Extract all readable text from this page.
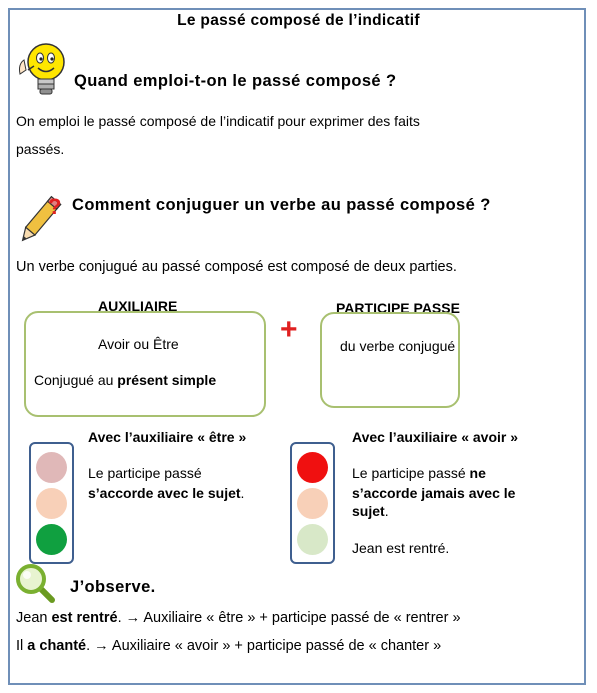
Le passé composé de l’indicatif
Quand emploi-t-on le passé composé ?
On emploi le passé composé de l’indicatif pour exprimer des faits
passés.
? Comment conjuguer un verbe au passé composé ?
Un verbe conjugué au passé composé est composé de deux parties.
AUXILIAIRE
Avoir ou Être
Conjugué au présent simple
+
PARTICIPE PASSE
du verbe conjugué
Avec l’auxiliaire « être »
Le participe passé
s’accorde avec le sujet.
Avec l’auxiliaire « avoir »
Le participe passé ne
s’accorde jamais avec le
sujet.
Jean est rentré.
J’observe.
Jean est rentré. → Auxiliaire « être » + participe passé de « rentrer »
Il a chanté. → Auxiliaire « avoir » + participe passé de « chanter »
